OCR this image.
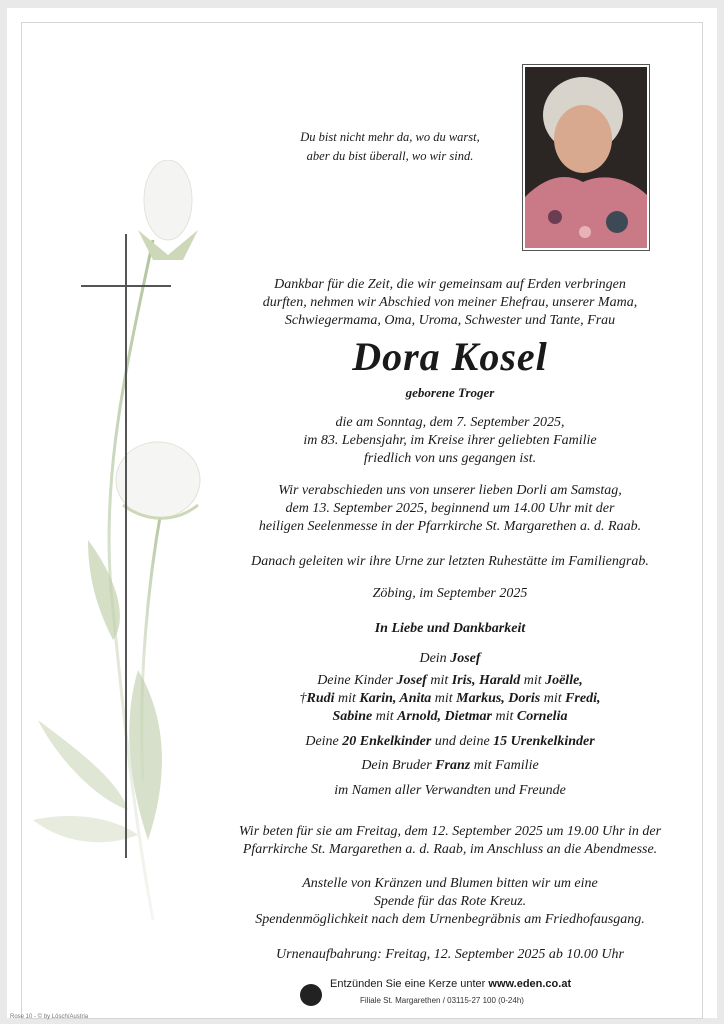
Du bist nicht mehr da, wo du warst,
aber du bist überall, wo wir sind.
Dankbar für die Zeit, die wir gemeinsam auf Erden verbringen
durften, nehmen wir Abschied von meiner Ehefrau, unserer Mama,
Schwiegermama, Oma, Uroma, Schwester und Tante, Frau
Dora Kosel
geborene Troger
die am Sonntag, dem 7. September 2025,
im 83. Lebensjahr, im Kreise ihrer geliebten Familie
friedlich von uns gegangen ist.
Wir verabschieden uns von unserer lieben Dorli am Samstag,
dem 13. September 2025, beginnend um 14.00 Uhr mit der
heiligen Seelenmesse in der Pfarrkirche St. Margarethen a. d. Raab.
Danach geleiten wir ihre Urne zur letzten Ruhestätte im Familiengrab.
Zöbing, im September 2025
In Liebe und Dankbarkeit
Dein Josef
Deine Kinder Josef mit Iris, Harald mit Joëlle,
†Rudi mit Karin, Anita mit Markus, Doris mit Fredi,
Sabine mit Arnold, Dietmar mit Cornelia
Deine 20 Enkelkinder und deine 15 Urenkelkinder
Dein Bruder Franz mit Familie
im Namen aller Verwandten und Freunde
Wir beten für sie am Freitag, dem 12. September 2025 um 19.00 Uhr in der
Pfarrkirche St. Margarethen a. d. Raab, im Anschluss an die Abendmesse.
Anstelle von Kränzen und Blumen bitten wir um eine
Spende für das Rote Kreuz.
Spendenmöglichkeit nach dem Urnenbegräbnis am Friedhofausgang.
Urnenaufbahrung: Freitag, 12. September 2025 ab 10.00 Uhr
Entzünden Sie eine Kerze unter www.eden.co.at
Filiale St. Margarethen / 03115-27 100 (0-24h)
Rose 10 - © by Lösch/Austria
